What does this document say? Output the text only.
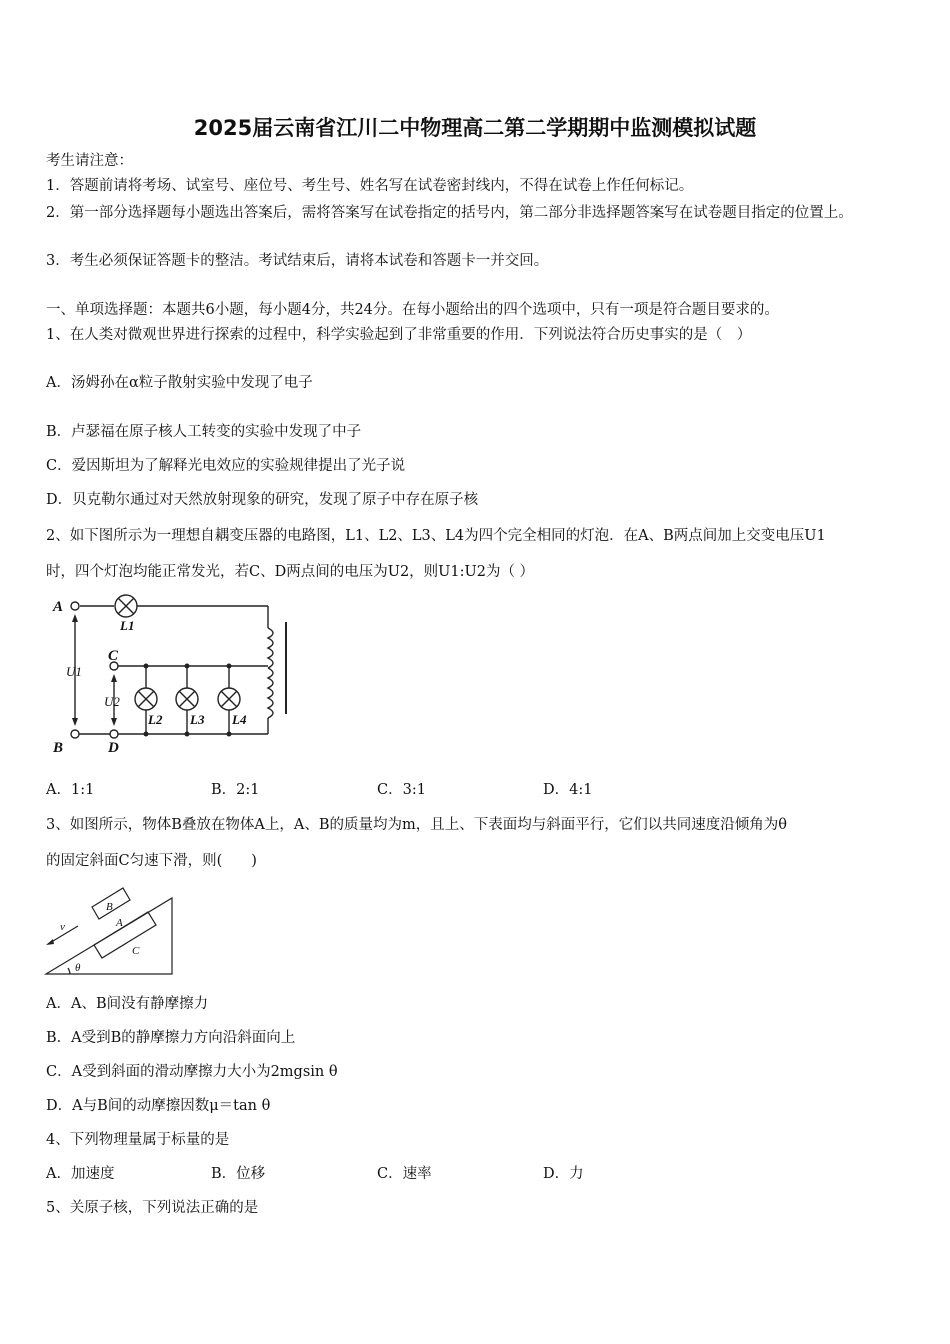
2025届云南省江川二中物理高二第二学期期中监测模拟试题
考生请注意：
1．答题前请将考场、试室号、座位号、考生号、姓名写在试卷密封线内，不得在试卷上作任何标记。
2．第一部分选择题每小题选出答案后，需将答案写在试卷指定的括号内，第二部分非选择题答案写在试卷题目指定的位置上。
3．考生必须保证答题卡的整洁。考试结束后，请将本试卷和答题卡一并交回。
一、单项选择题：本题共6小题，每小题4分，共24分。在每小题给出的四个选项中，只有一项是符合题目要求的。
1、在人类对微观世界进行探索的过程中，科学实验起到了非常重要的作用．下列说法符合历史事实的是（　）
A．汤姆孙在α粒子散射实验中发现了电子
B．卢瑟福在原子核人工转变的实验中发现了中子
C．爱因斯坦为了解释光电效应的实验规律提出了光子说
D．贝克勒尔通过对天然放射现象的研究，发现了原子中存在原子核
2、如下图所示为一理想自耦变压器的电路图，L1、L2、L3、L4为四个完全相同的灯泡．在A、B两点间加上交变电压U1
时，四个灯泡均能正常发光，若C、D两点间的电压为U2，则U1:U2为（ ）
A
B
C
D
U1
U2
L1
L2 L3 L4
A．1:1	B．2:1	C．3:1	D．4:1
3、如图所示，物体B叠放在物体A上，A、B的质量均为m，且上、下表面均与斜面平行，它们以共同速度沿倾角为θ
的固定斜面C匀速下滑，则(　　)
B
A
C
v
θ
A．A、B间没有静摩擦力
B．A受到B的静摩擦力方向沿斜面向上
C．A受到斜面的滑动摩擦力大小为2mgsin θ
D．A与B间的动摩擦因数μ＝tan θ
4、下列物理量属于标量的是
A．加速度	B．位移	C．速率	D．力
5、关原子核，下列说法正确的是
